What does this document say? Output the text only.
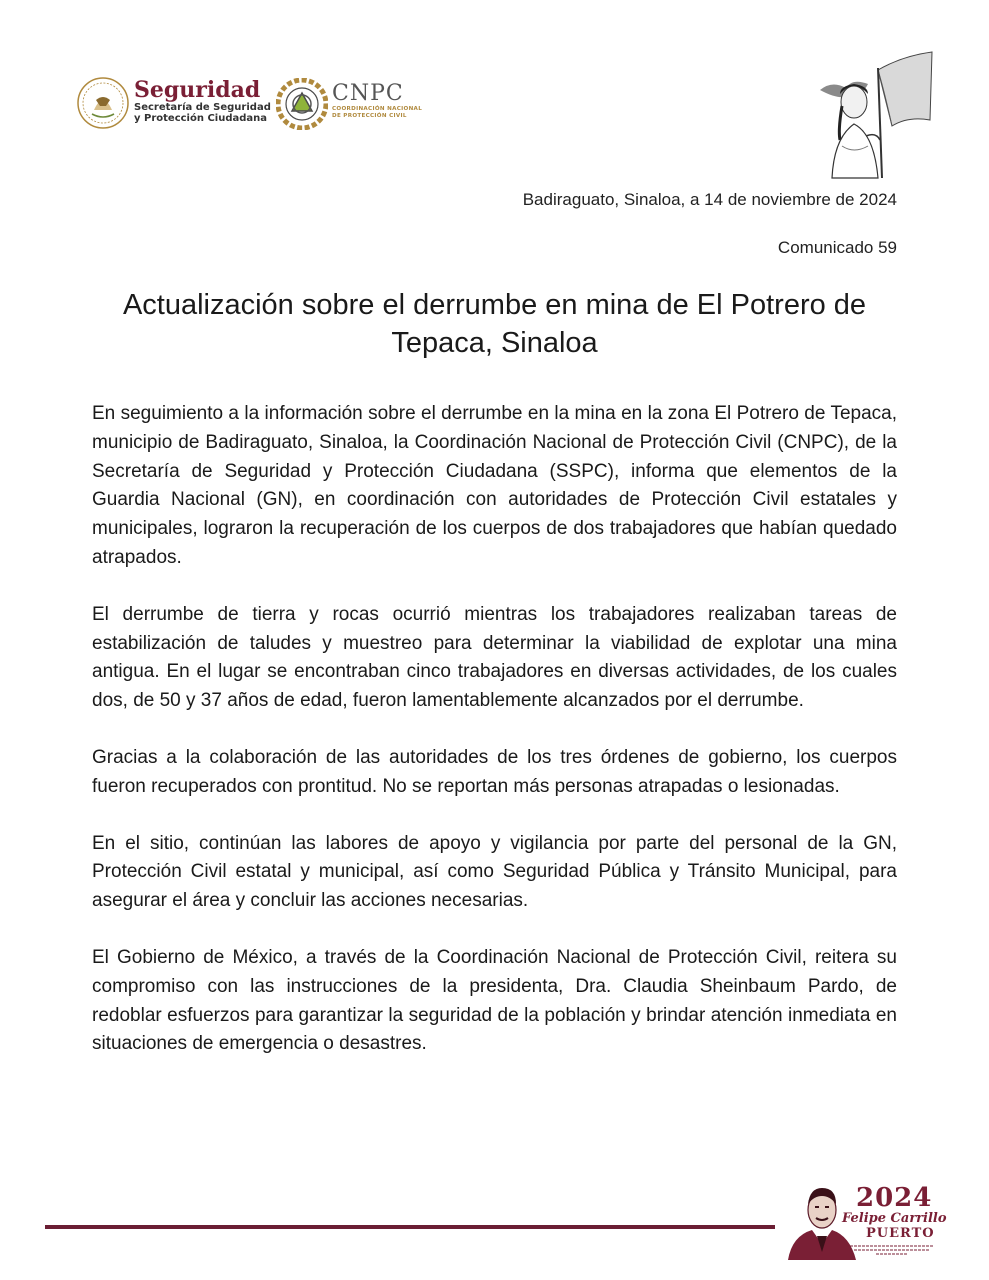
Seguridad
Secretaría de Seguridad
y Protección Ciudadana
CNPC
COORDINACIÓN NACIONAL
DE PROTECCIÓN CIVIL
Badiraguato, Sinaloa, a 14 de noviembre de 2024
Comunicado 59
Actualización sobre el derrumbe en mina de El Potrero de Tepaca, Sinaloa

En seguimiento a la información sobre el derrumbe en la mina en la zona El Potrero de Tepaca, municipio de Badiraguato, Sinaloa, la Coordinación Nacional de Protección Civil (CNPC), de la Secretaría de Seguridad y Protección Ciudadana (SSPC), informa que elementos de la Guardia Nacional (GN), en coordinación con autoridades de Protección Civil estatales y municipales, lograron la recuperación de los cuerpos de dos trabajadores que habían quedado atrapados.

El derrumbe de tierra y rocas ocurrió mientras los trabajadores realizaban tareas de estabilización de taludes y muestreo para determinar la viabilidad de explotar una mina antigua. En el lugar se encontraban cinco trabajadores en diversas actividades, de los cuales dos, de 50 y 37 años de edad, fueron lamentablemente alcanzados por el derrumbe.

Gracias a la colaboración de las autoridades de los tres órdenes de gobierno, los cuerpos fueron recuperados con prontitud. No se reportan más personas atrapadas o lesionadas.

En el sitio, continúan las labores de apoyo y vigilancia por parte del personal de la GN, Protección Civil estatal y municipal, así como Seguridad Pública y Tránsito Municipal, para asegurar el área y concluir las acciones necesarias.

El Gobierno de México, a través de la Coordinación Nacional de Protección Civil, reitera su compromiso con las instrucciones de la presidenta, Dra. Claudia Sheinbaum Pardo, de redoblar esfuerzos para garantizar la seguridad de la población y brindar atención inmediata en situaciones de emergencia o desastres.

2024
Felipe Carrillo
PUERTO
